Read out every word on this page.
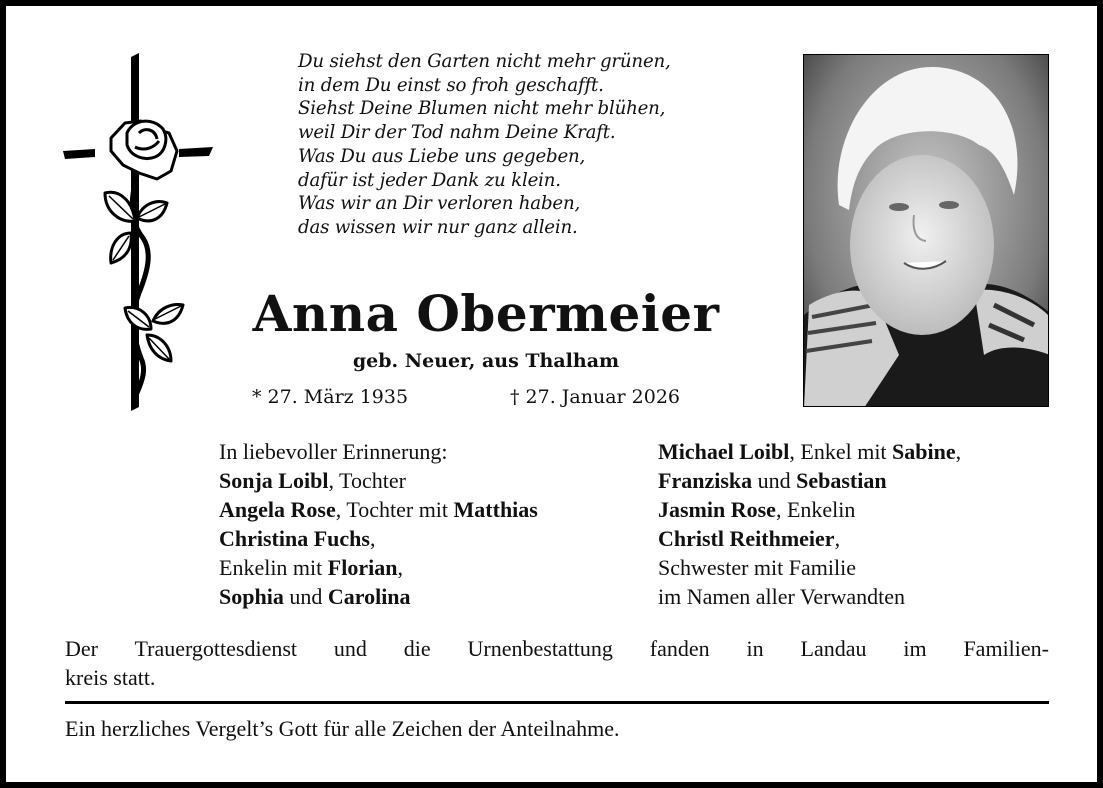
Du siehst den Garten nicht mehr grünen,
in dem Du einst so froh geschafft.
Siehst Deine Blumen nicht mehr blühen,
weil Dir der Tod nahm Deine Kraft.
Was Du aus Liebe uns gegeben,
dafür ist jeder Dank zu klein.
Was wir an Dir verloren haben,
das wissen wir nur ganz allein.
Anna Obermeier
geb. Neuer, aus Thalham
* 27. März 1935	† 27. Januar 2026
In liebevoller Erinnerung:
Sonja Loibl, Tochter
Angela Rose, Tochter mit Matthias
Christina Fuchs,
Enkelin mit Florian,
Sophia und Carolina
Michael Loibl, Enkel mit Sabine,
Franziska und Sebastian
Jasmin Rose, Enkelin
Christl Reithmeier,
Schwester mit Familie
im Namen aller Verwandten
Der Trauergottesdienst und die Urnenbestattung fanden in Landau im Familien-
kreis statt.
Ein herzliches Vergelt’s Gott für alle Zeichen der Anteilnahme.
